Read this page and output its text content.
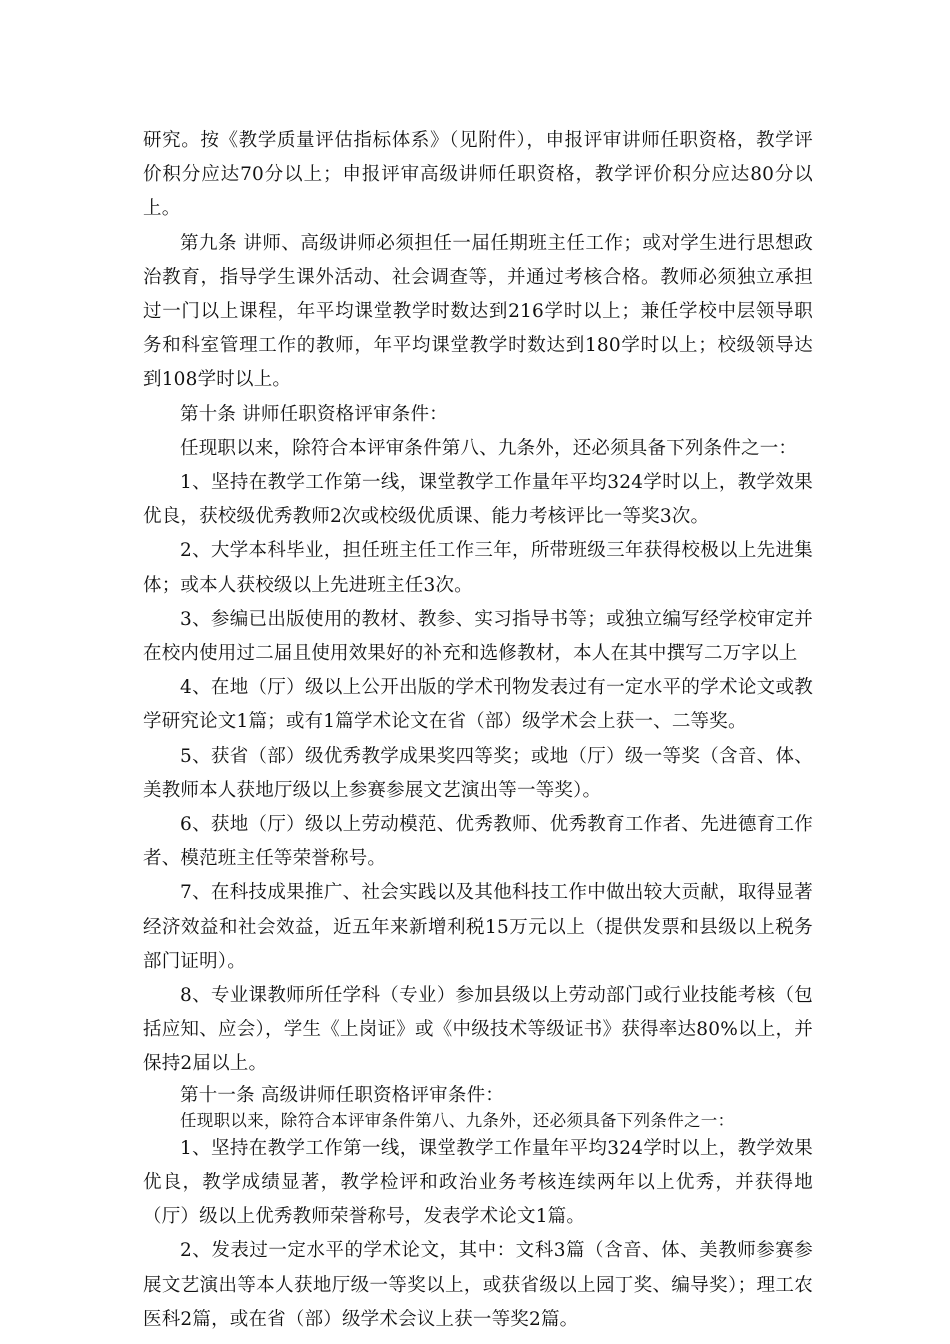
研究。按《教学质量评估指标体系》（见附件），申报评审讲师任职资格，教学评价积分应达70分以上；申报评审高级讲师任职资格，教学评价积分应达80分以上。

第九条 讲师、高级讲师必须担任一届任期班主任工作；或对学生进行思想政治教育，指导学生课外活动、社会调查等，并通过考核合格。教师必须独立承担过一门以上课程，年平均课堂教学时数达到216学时以上；兼任学校中层领导职务和科室管理工作的教师，年平均课堂教学时数达到180学时以上；校级领导达到108学时以上。

第十条 讲师任职资格评审条件：

任现职以来，除符合本评审条件第八、九条外，还必须具备下列条件之一：

1、坚持在教学工作第一线，课堂教学工作量年平均324学时以上，教学效果优良，获校级优秀教师2次或校级优质课、能力考核评比一等奖3次。

2、大学本科毕业，担任班主任工作三年，所带班级三年获得校极以上先进集体；或本人获校级以上先进班主任3次。

3、参编已出版使用的教材、教参、实习指导书等；或独立编写经学校审定并在校内使用过二届且使用效果好的补充和选修教材，本人在其中撰写二万字以上

4、在地（厅）级以上公开出版的学术刊物发表过有一定水平的学术论文或教学研究论文1篇；或有1篇学术论文在省（部）级学术会上获一、二等奖。

5、获省（部）级优秀教学成果奖四等奖；或地（厅）级一等奖（含音、体、美教师本人获地厅级以上参赛参展文艺演出等一等奖）。

6、获地（厅）级以上劳动模范、优秀教师、优秀教育工作者、先进德育工作者、模范班主任等荣誉称号。

7、在科技成果推广、社会实践以及其他科技工作中做出较大贡献，取得显著经济效益和社会效益，近五年来新增利税15万元以上（提供发票和县级以上税务部门证明）。

8、专业课教师所任学科（专业）参加县级以上劳动部门或行业技能考核（包括应知、应会），学生《上岗证》或《中级技术等级证书》获得率达80%以上，并保持2届以上。

第十一条 高级讲师任职资格评审条件：

任现职以来，除符合本评审条件第八、九条外，还必须具备下列条件之一：

1、坚持在教学工作第一线，课堂教学工作量年平均324学时以上，教学效果优良，教学成绩显著，教学检评和政治业务考核连续两年以上优秀，并获得地（厅）级以上优秀教师荣誉称号，发表学术论文1篇。

2、发表过一定水平的学术论文，其中：文科3篇（含音、体、美教师参赛参展文艺演出等本人获地厅级一等奖以上，或获省级以上园丁奖、编导奖）；理工农医科2篇，或在省（部）级学术会议上获一等奖2篇。
